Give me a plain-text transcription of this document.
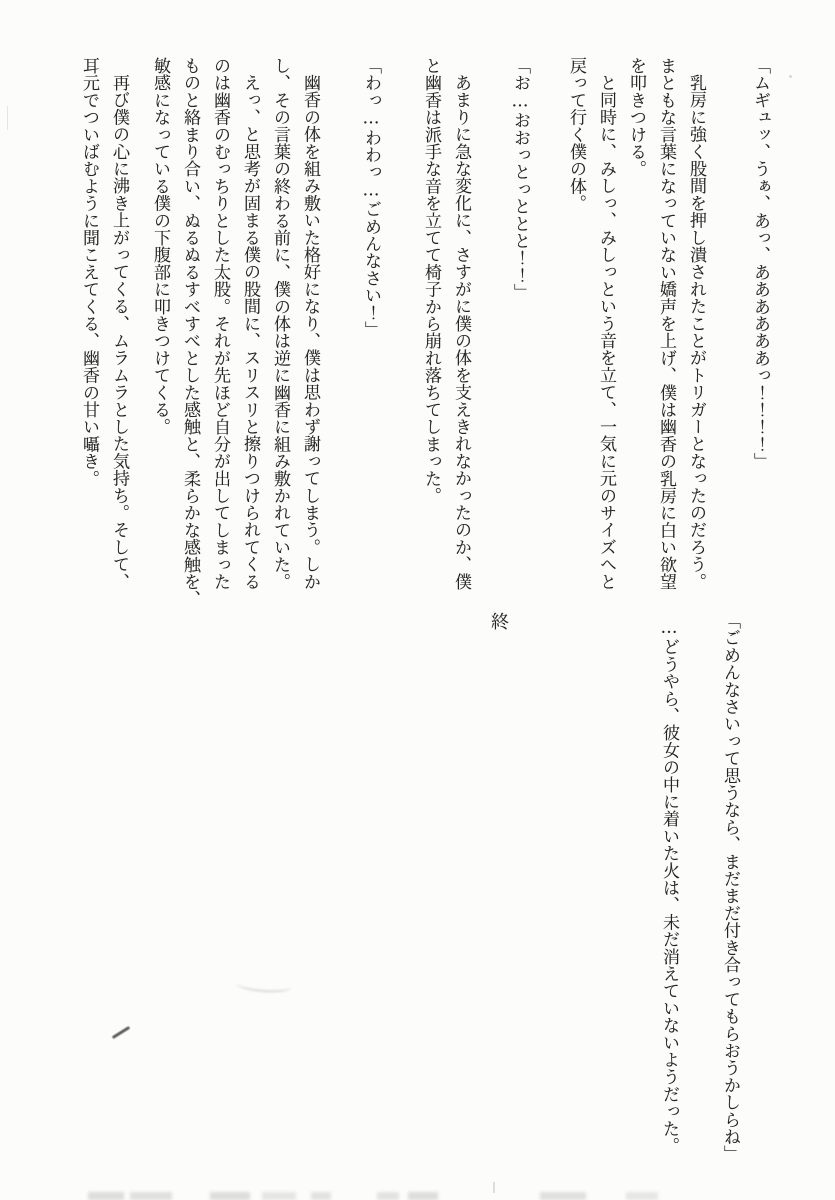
「ムギュッ、うぁ、あっ、ああああああっ！！！！」
乳房に強く股間を押し潰されたことがトリガーとなったのだろう。
まともな言葉になっていない嬌声を上げ、僕は幽香の乳房に白い欲望
を叩きつける。
と同時に、みしっ、みしっという音を立て、一気に元のサイズへと
戻って行く僕の体。
「お…おおっとっととと！！」
あまりに急な変化に、さすがに僕の体を支えきれなかったのか、僕
と幽香は派手な音を立てて椅子から崩れ落ちてしまった。
「わっ…わわっ…ごめんなさい！」
幽香の体を組み敷いた格好になり、僕は思わず謝ってしまう。しか
し、その言葉の終わる前に、僕の体は逆に幽香に組み敷かれていた。
えっ、と思考が固まる僕の股間に、スリスリと擦りつけられてくる
のは幽香のむっちりとした太股。それが先ほど自分が出してしまった
ものと絡まり合い、ぬるぬるすべすべとした感触と、柔らかな感触を、
敏感になっている僕の下腹部に叩きつけてくる。
再び僕の心に沸き上がってくる、ムラムラとした気持ち。そして、
耳元でついばむように聞こえてくる、幽香の甘い囁き。
「ごめんなさいって思うなら、まだまだ付き合ってもらおうかしらね」
…どうやら、彼女の中に着いた火は、未だ消えていないようだった。
終
